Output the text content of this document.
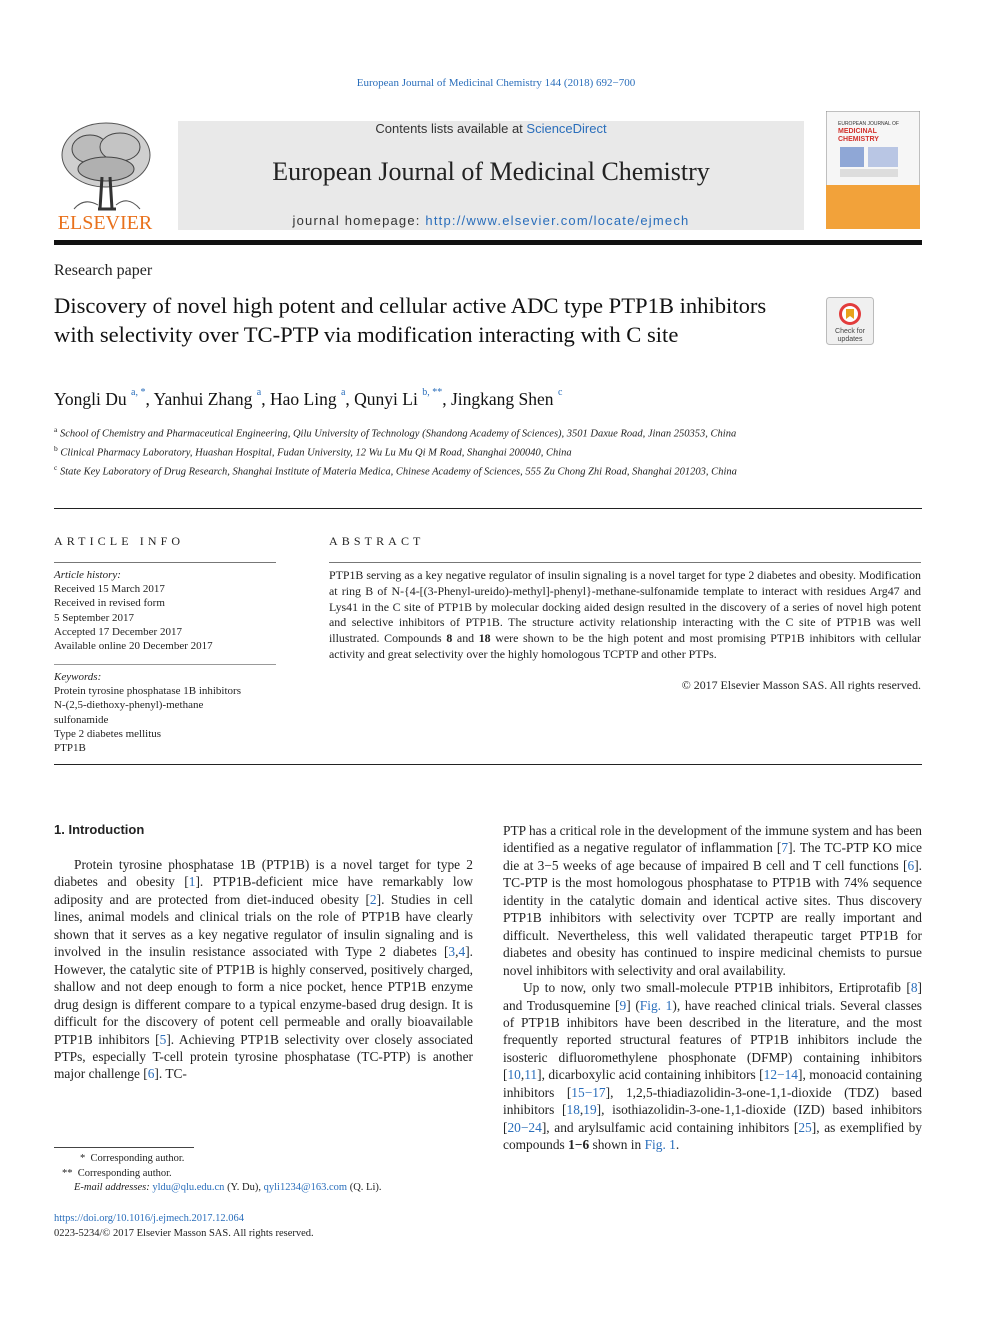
European Journal of Medicinal Chemistry 144 (2018) 692−700
ELSEVIER
Contents lists available at ScienceDirect
European Journal of Medicinal Chemistry
journal homepage: http://www.elsevier.com/locate/ejmech
EUROPEAN JOURNAL OF
MEDICINAL
CHEMISTRY
Research paper
Discovery of novel high potent and cellular active ADC type PTP1B inhibitors with selectivity over TC-PTP via modification interacting with C site	Check for
updates
Yongli Du $^{a, *}$, Yanhui Zhang $^a$, Hao Ling $^a$, Qunyi Li $^{b, **}$, Jingkang Shen $^c$
$^a$ School of Chemistry and Pharmaceutical Engineering, Qilu University of Technology (Shandong Academy of Sciences), 3501 Daxue Road, Jinan 250353, China
$^b$ Clinical Pharmacy Laboratory, Huashan Hospital, Fudan University, 12 Wu Lu Mu Qi M Road, Shanghai 200040, China
$^c$ State Key Laboratory of Drug Research, Shanghai Institute of Materia Medica, Chinese Academy of Sciences, 555 Zu Chong Zhi Road, Shanghai 201203, China
ARTICLE INFO	ABSTRACT
Article history:
Received 15 March 2017
Received in revised form
5 September 2017
Accepted 17 December 2017
Available online 20 December 2017
Keywords:
Protein tyrosine phosphatase 1B inhibitors
N-(2,5-diethoxy-phenyl)-methane
sulfonamide
Type 2 diabetes mellitus
PTP1B
PTP1B serving as a key negative regulator of insulin signaling is a novel target for type 2 diabetes and obesity. Modification at ring B of N-{4-[(3-Phenyl-ureido)-methyl]-phenyl}-methane-sulfonamide template to interact with residues Arg47 and Lys41 in the C site of PTP1B by molecular docking aided design resulted in the discovery of a series of novel high potent and selective inhibitors of PTP1B. The structure activity relationship interacting with the C site of PTP1B was well illustrated. Compounds 8 and 18 were shown to be the high potent and most promising PTP1B inhibitors with cellular activity and great selectivity over the highly homologous TCPTP and other PTPs.
© 2017 Elsevier Masson SAS. All rights reserved.
1. Introduction

Protein tyrosine phosphatase 1B (PTP1B) is a novel target for type 2 diabetes and obesity [1]. PTP1B-deficient mice have remarkably low adiposity and are protected from diet-induced obesity [2]. Studies in cell lines, animal models and clinical trials on the role of PTP1B have clearly shown that it serves as a key negative regulator of insulin signaling and is involved in the insulin resistance associated with Type 2 diabetes [3,4]. However, the catalytic site of PTP1B is highly conserved, positively charged, shallow and not deep enough to form a nice pocket, hence PTP1B enzyme drug design is different compare to a typical enzyme-based drug design. It is difficult for the discovery of potent cell permeable and orally bioavailable PTP1B inhibitors [5]. Achieving PTP1B selectivity over closely associated PTPs, especially T-cell protein tyrosine phosphatase (TC-PTP) is another major challenge [6]. TC-

PTP has a critical role in the development of the immune system and has been identified as a negative regulator of inflammation [7]. The TC-PTP KO mice die at 3−5 weeks of age because of impaired B cell and T cell functions [6]. TC-PTP is the most homologous phosphatase to PTP1B with 74% sequence identity in the catalytic domain and identical active sites. Thus discovery PTP1B inhibitors with selectivity over TCPTP are really important and difficult. Nevertheless, this well validated therapeutic target PTP1B for diabetes and obesity has continued to inspire medicinal chemists to pursue novel inhibitors with selectivity and oral availability.

Up to now, only two small-molecule PTP1B inhibitors, Ertiprotafib [8] and Trodusquemine [9] (Fig. 1), have reached clinical trials. Several classes of PTP1B inhibitors have been described in the literature, and the most frequently reported structural features of PTP1B inhibitors include the isosteric difluoromethylene phosphonate (DFMP) containing inhibitors [10,11], dicarboxylic acid containing inhibitors [12−14], monoacid containing inhibitors [15−17], 1,2,5-thiadiazolidin-3-one-1,1-dioxide (TDZ) based inhibitors [18,19], isothiazolidin-3-one-1,1-dioxide (IZD) based inhibitors [20−24], and arylsulfamic acid containing inhibitors [25], as exemplified by compounds 1−6 shown in Fig. 1.

* Corresponding author.
** Corresponding author.
E-mail addresses: yldu@qlu.edu.cn (Y. Du), qyli1234@163.com (Q. Li).
https://doi.org/10.1016/j.ejmech.2017.12.064
0223-5234/© 2017 Elsevier Masson SAS. All rights reserved.
